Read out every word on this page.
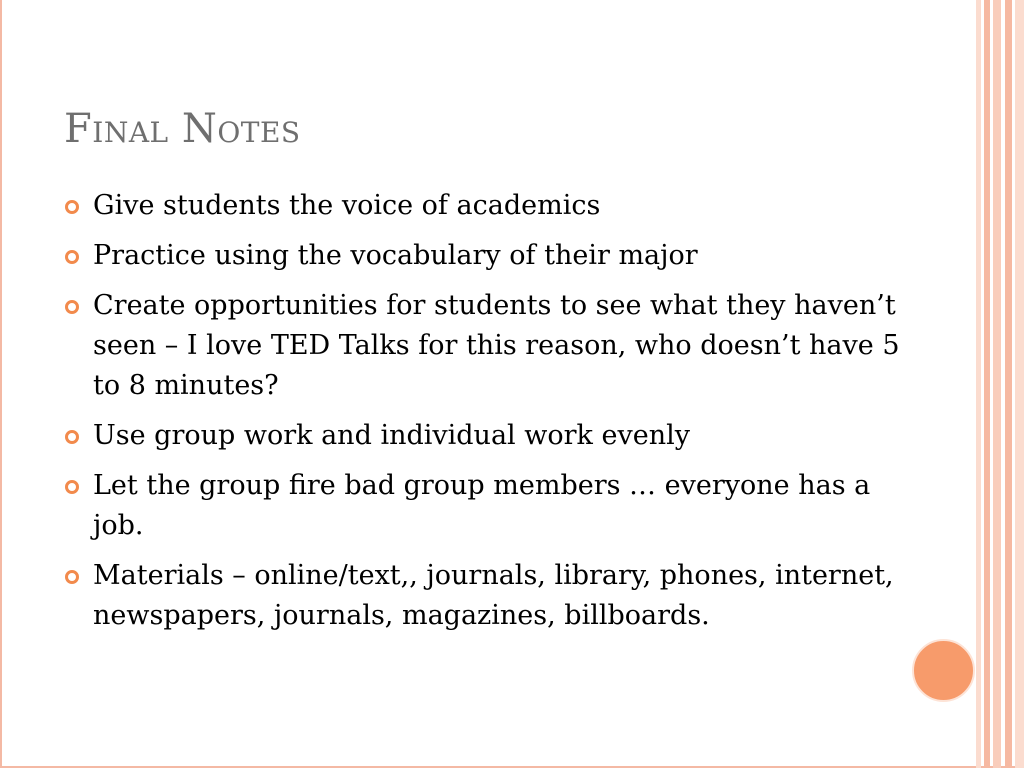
Final Notes
Give students the voice of academics
Practice using the vocabulary of their major
Create opportunities for students to see what they haven’t seen – I love TED Talks for this reason, who doesn’t have 5 to 8 minutes?
Use group work and individual work evenly
Let the group fire bad group members … everyone has a job.
Materials – online/text,, journals, library, phones, internet, newspapers, journals, magazines, billboards.
